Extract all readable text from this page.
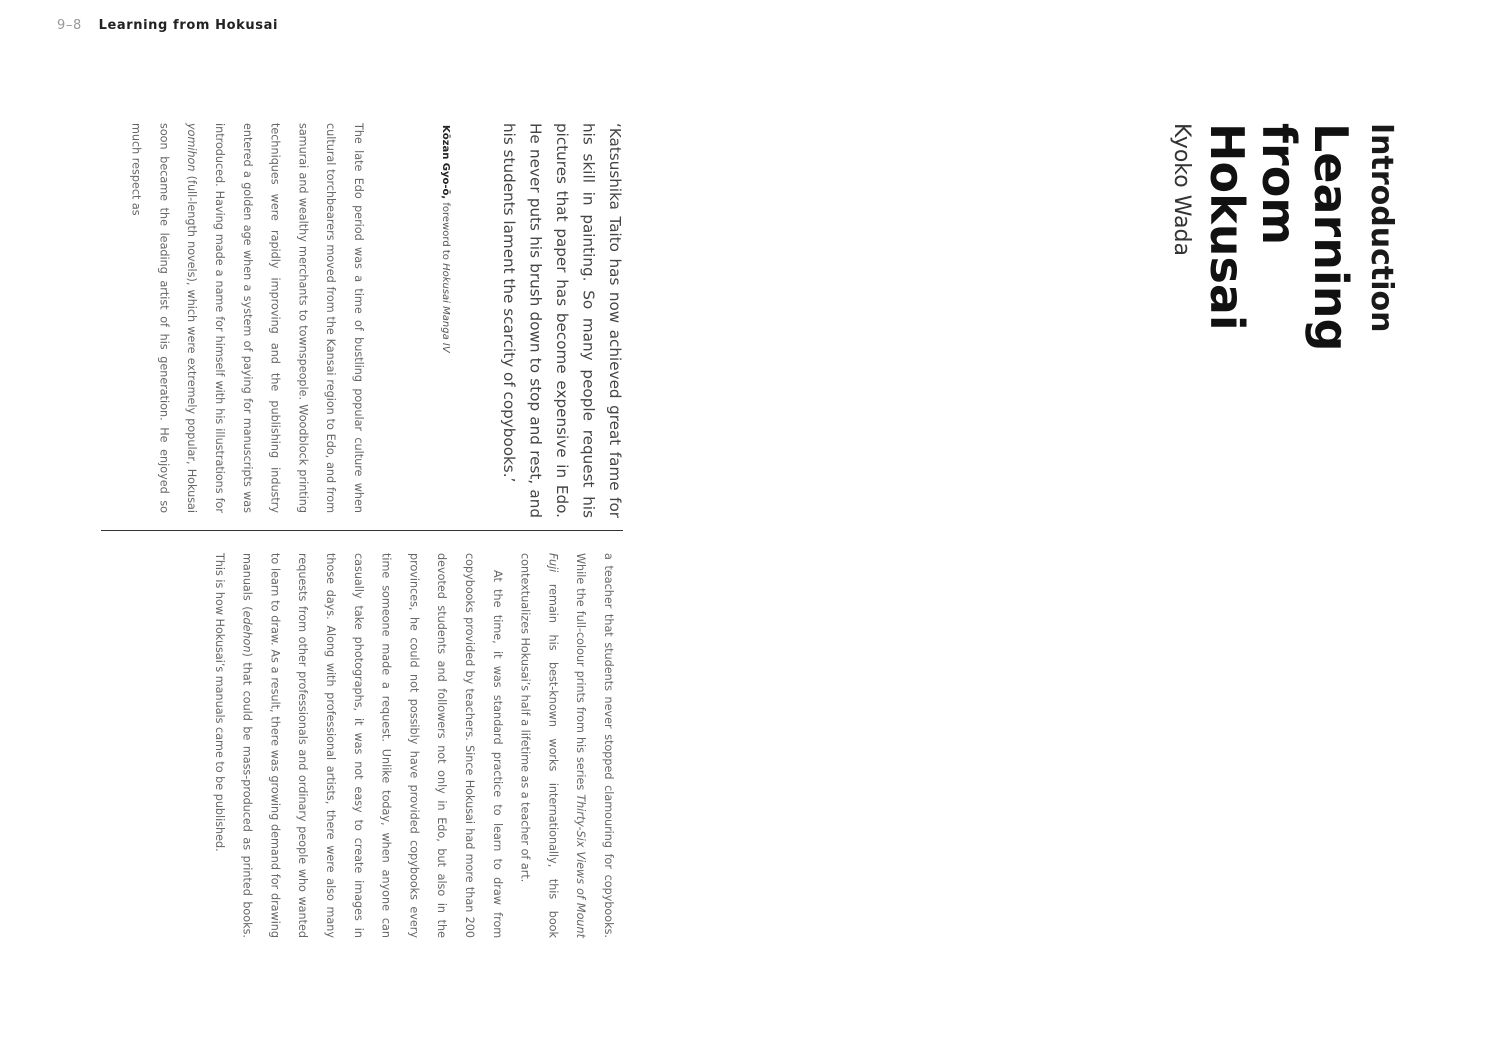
9–8 Learning from Hokusai
Introduction
Learning
from Hokusai
Kyoko Wada
‘Katsushika Taito has now achieved great fame for his skill in painting. So many people request his pictures that paper has become expensive in Edo. He never puts his brush down to stop and rest, and his students lament the scarcity of copybooks.’
Kōzan Gyo-ō, foreword to Hokusai Manga IV

The late Edo period was a time of bustling popular culture when cultural torchbearers moved from the Kansai region to Edo, and from samurai and wealthy merchants to townspeople. Woodblock printing techniques were rapidly improving and the publishing industry entered a golden age when a system of paying for manuscripts was introduced. Having made a name for himself with his illustrations for yomihon (full-length novels), which were extremely popular, Hokusai soon became the leading artist of his generation. He enjoyed so much respect as

a teacher that students never stopped clamouring for copybooks. While the full-colour prints from his series Thirty-Six Views of Mount Fuji remain his best-known works internationally, this book contextualizes Hokusai’s half a lifetime as a teacher of art.

At the time, it was standard practice to learn to draw from copybooks provided by teachers. Since Hokusai had more than 200 devoted students and followers not only in Edo, but also in the provinces, he could not possibly have provided copybooks every time someone made a request. Unlike today, when anyone can casually take photographs, it was not easy to create images in those days. Along with professional artists, there were also many requests from other professionals and ordinary people who wanted to learn to draw. As a result, there was growing demand for drawing manuals (edehon) that could be mass-produced as printed books. This is how Hokusai’s manuals came to be published.
